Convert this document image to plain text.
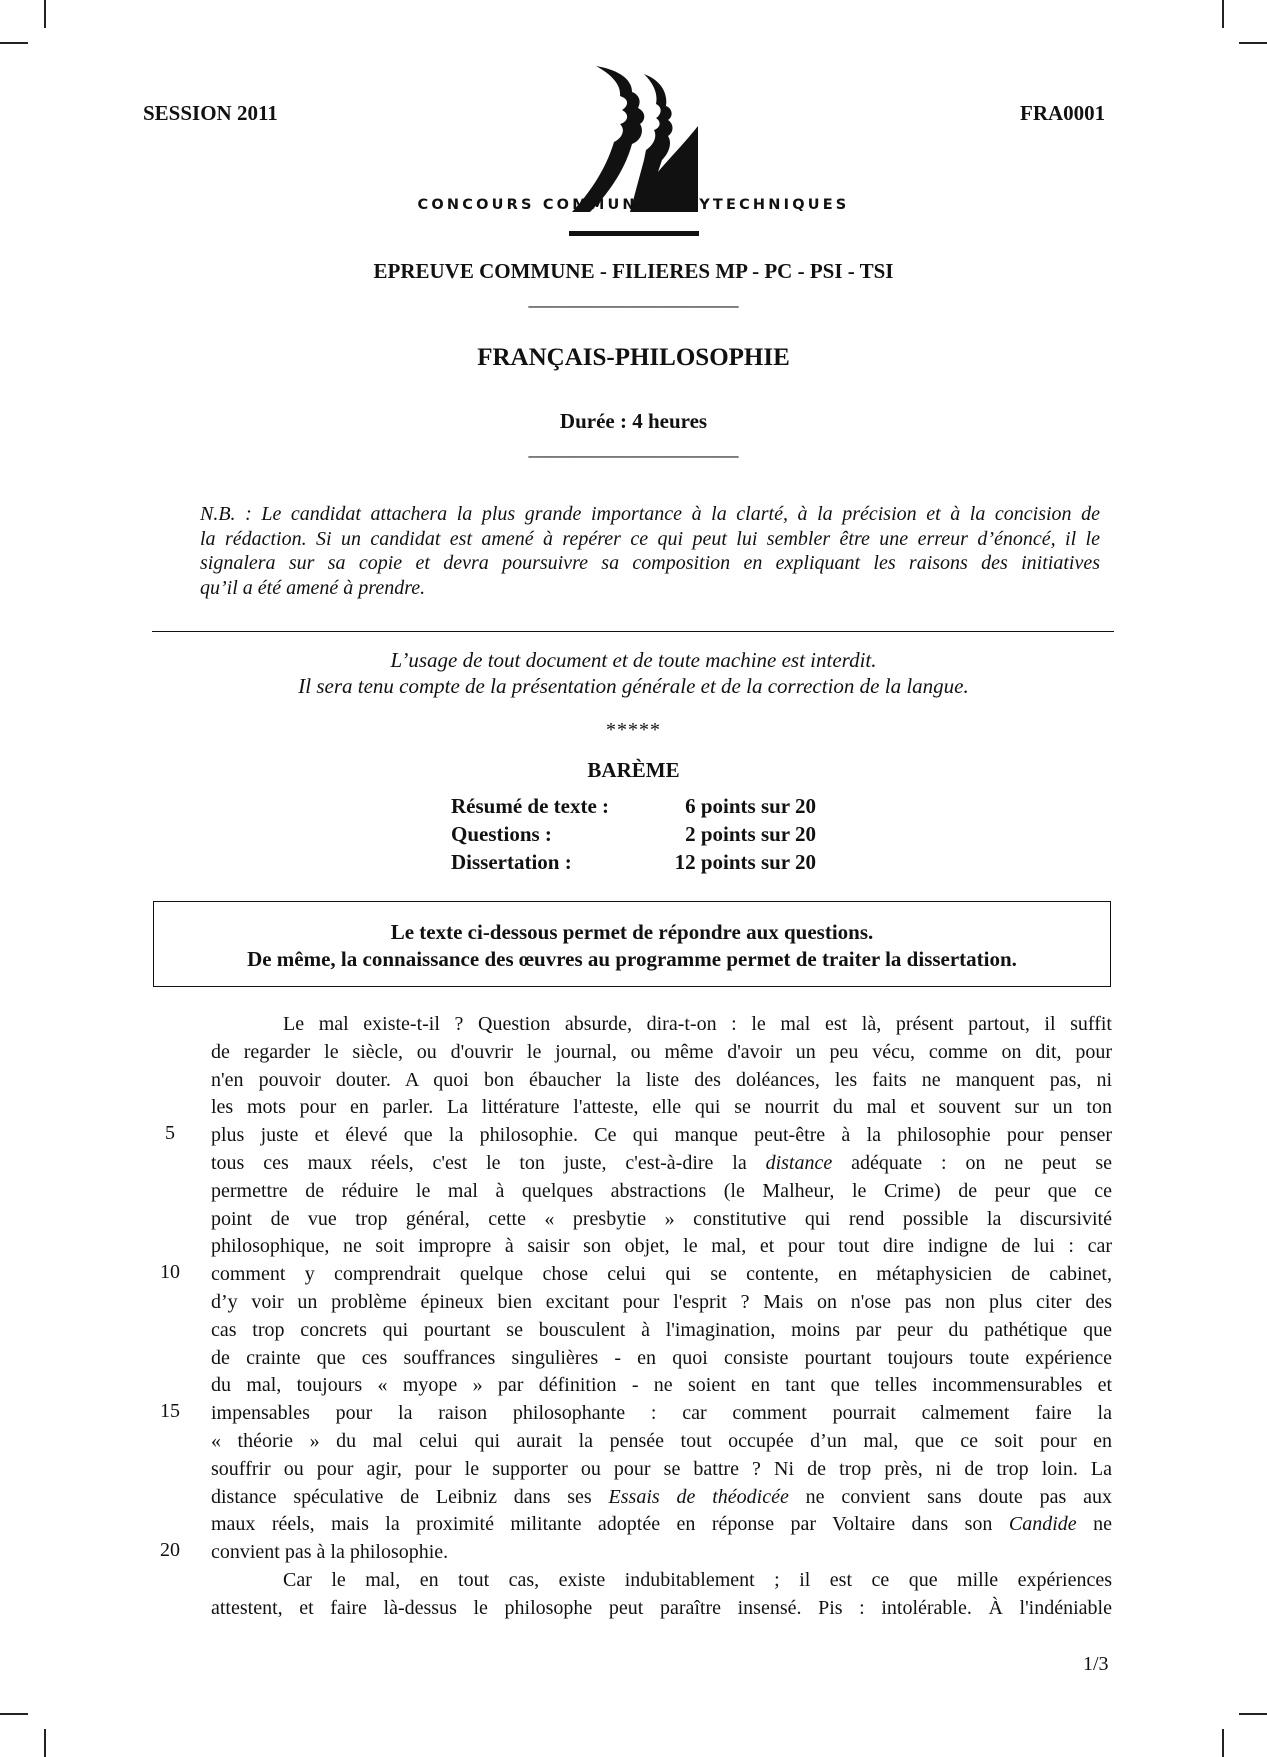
SESSION 2011	FRA0001
CONCOURS COMMUNS POLYTECHNIQUES
EPREUVE COMMUNE - FILIERES MP - PC - PSI - TSI
____________________
FRANÇAIS-PHILOSOPHIE
Durée : 4 heures
____________________
N.B. : Le candidat attachera la plus grande importance à la clarté, à la précision et à la concision de
la rédaction. Si un candidat est amené à repérer ce qui peut lui sembler être une erreur d’énoncé, il le
signalera sur sa copie et devra poursuivre sa composition en expliquant les raisons des initiatives
qu’il a été amené à prendre.
L’usage de tout document et de toute machine est interdit.
Il sera tenu compte de la présentation générale et de la correction de la langue.
*****
BARÈME
Résumé de texte :	6 points sur 20
Questions :	2 points sur 20
Dissertation :	12 points sur 20
Le texte ci-dessous permet de répondre aux questions.
De même, la connaissance des œuvres au programme permet de traiter la dissertation.
Le mal existe-t-il ? Question absurde, dira-t-on : le mal est là, présent partout, il suffit
de regarder le siècle, ou d'ouvrir le journal, ou même d'avoir un peu vécu, comme on dit, pour
n'en pouvoir douter. A quoi bon ébaucher la liste des doléances, les faits ne manquent pas, ni
les mots pour en parler. La littérature l'atteste, elle qui se nourrit du mal et souvent sur un ton
plus juste et élevé que la philosophie. Ce qui manque peut-être à la philosophie pour penser
tous ces maux réels, c'est le ton juste, c'est-à-dire la distance adéquate : on ne peut se
permettre de réduire le mal à quelques abstractions (le Malheur, le Crime) de peur que ce
point de vue trop général, cette « presbytie » constitutive qui rend possible la discursivité
philosophique, ne soit impropre à saisir son objet, le mal, et pour tout dire indigne de lui : car
comment y comprendrait quelque chose celui qui se contente, en métaphysicien de cabinet,
d’y voir un problème épineux bien excitant pour l'esprit ? Mais on n'ose pas non plus citer des
cas trop concrets qui pourtant se bousculent à l'imagination, moins par peur du pathétique que
de crainte que ces souffrances singulières - en quoi consiste pourtant toujours toute expérience
du mal, toujours « myope » par définition - ne soient en tant que telles incommensurables et
impensables pour la raison philosophante : car comment pourrait calmement faire la
« théorie » du mal celui qui aurait la pensée tout occupée d’un mal, que ce soit pour en
souffrir ou pour agir, pour le supporter ou pour se battre ? Ni de trop près, ni de trop loin. La
distance spéculative de Leibniz dans ses Essais de théodicée ne convient sans doute pas aux
maux réels, mais la proximité militante adoptée en réponse par Voltaire dans son Candide ne
convient pas à la philosophie.
Car le mal, en tout cas, existe indubitablement ; il est ce que mille expériences
attestent, et faire là-dessus le philosophe peut paraître insensé. Pis : intolérable. À l'indéniable
5
10
15
20
1/3
